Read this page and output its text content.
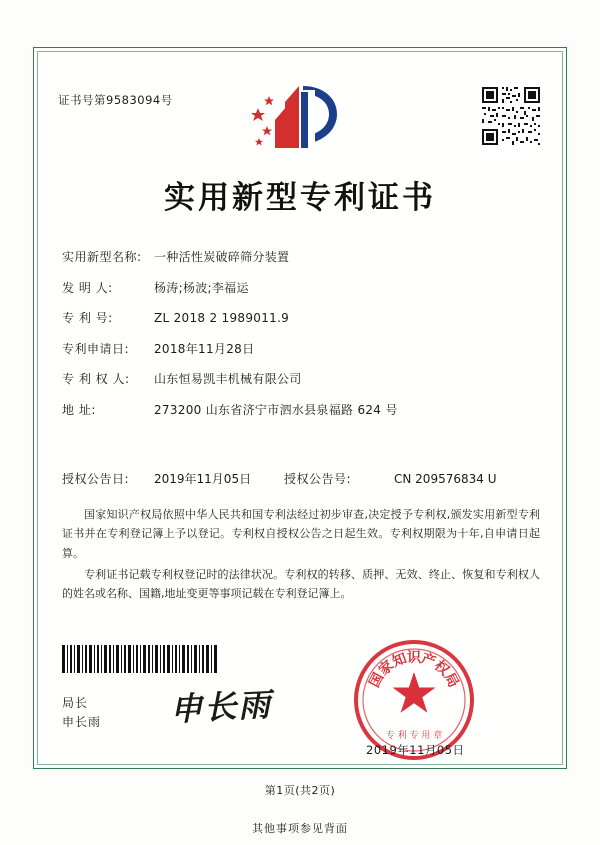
证书号第9583094号
实用新型专利证书
实用新型名称:	一种活性炭破碎筛分装置
发 明 人:	杨涛;杨波;李福运
专 利 号:	ZL 2018 2 1989011.9
专利申请日:	2018年11月28日
专 利 权 人:	山东恒易凯丰机械有限公司
地 址:	273200 山东省济宁市泗水县泉福路 624 号
授权公告日:	2019年11月05日	授权公告号:	CN 209576834 U

国家知识产权局依照中华人民共和国专利法经过初步审查,决定授予专利权,颁发实用新型专利证书并在专利登记簿上予以登记。专利权自授权公告之日起生效。专利权期限为十年,自申请日起算。

专利证书记载专利权登记时的法律状况。专利权的转移、质押、无效、终止、恢复和专利权人的姓名或名称、国籍,地址变更等事项记载在专利登记簿上。

局长
申长雨 申长雨
国
家
知
识
产
权
局
专 利 专 用 章
2019年11月05日
第1页(共2页)
其他事项参见背面
